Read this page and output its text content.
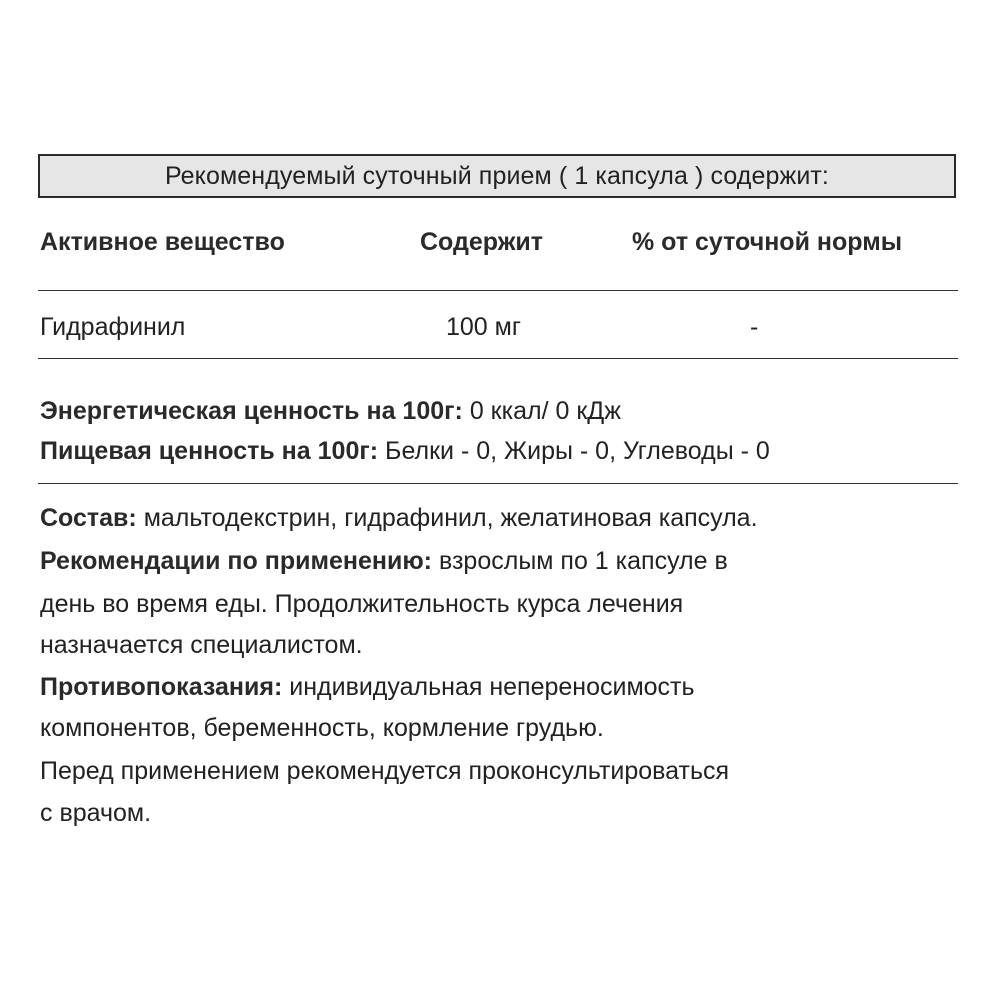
Рекомендуемый суточный прием ( 1 капсула ) содержит:
Активное вещество	Содержит	% от суточной нормы
Гидрафинил	100 мг	-
Энергетическая ценность на 100г: 0 ккал/ 0 кДж
Пищевая ценность на 100г: Белки - 0, Жиры - 0, Углеводы - 0
Состав: мальтодекстрин, гидрафинил, желатиновая капсула.
Рекомендации по применению: взрослым по 1 капсуле в
день во время еды. Продолжительность курса лечения
назначается специалистом.
Противопоказания: индивидуальная непереносимость
компонентов, беременность, кормление грудью.
Перед применением рекомендуется проконсультироваться
с врачом.
